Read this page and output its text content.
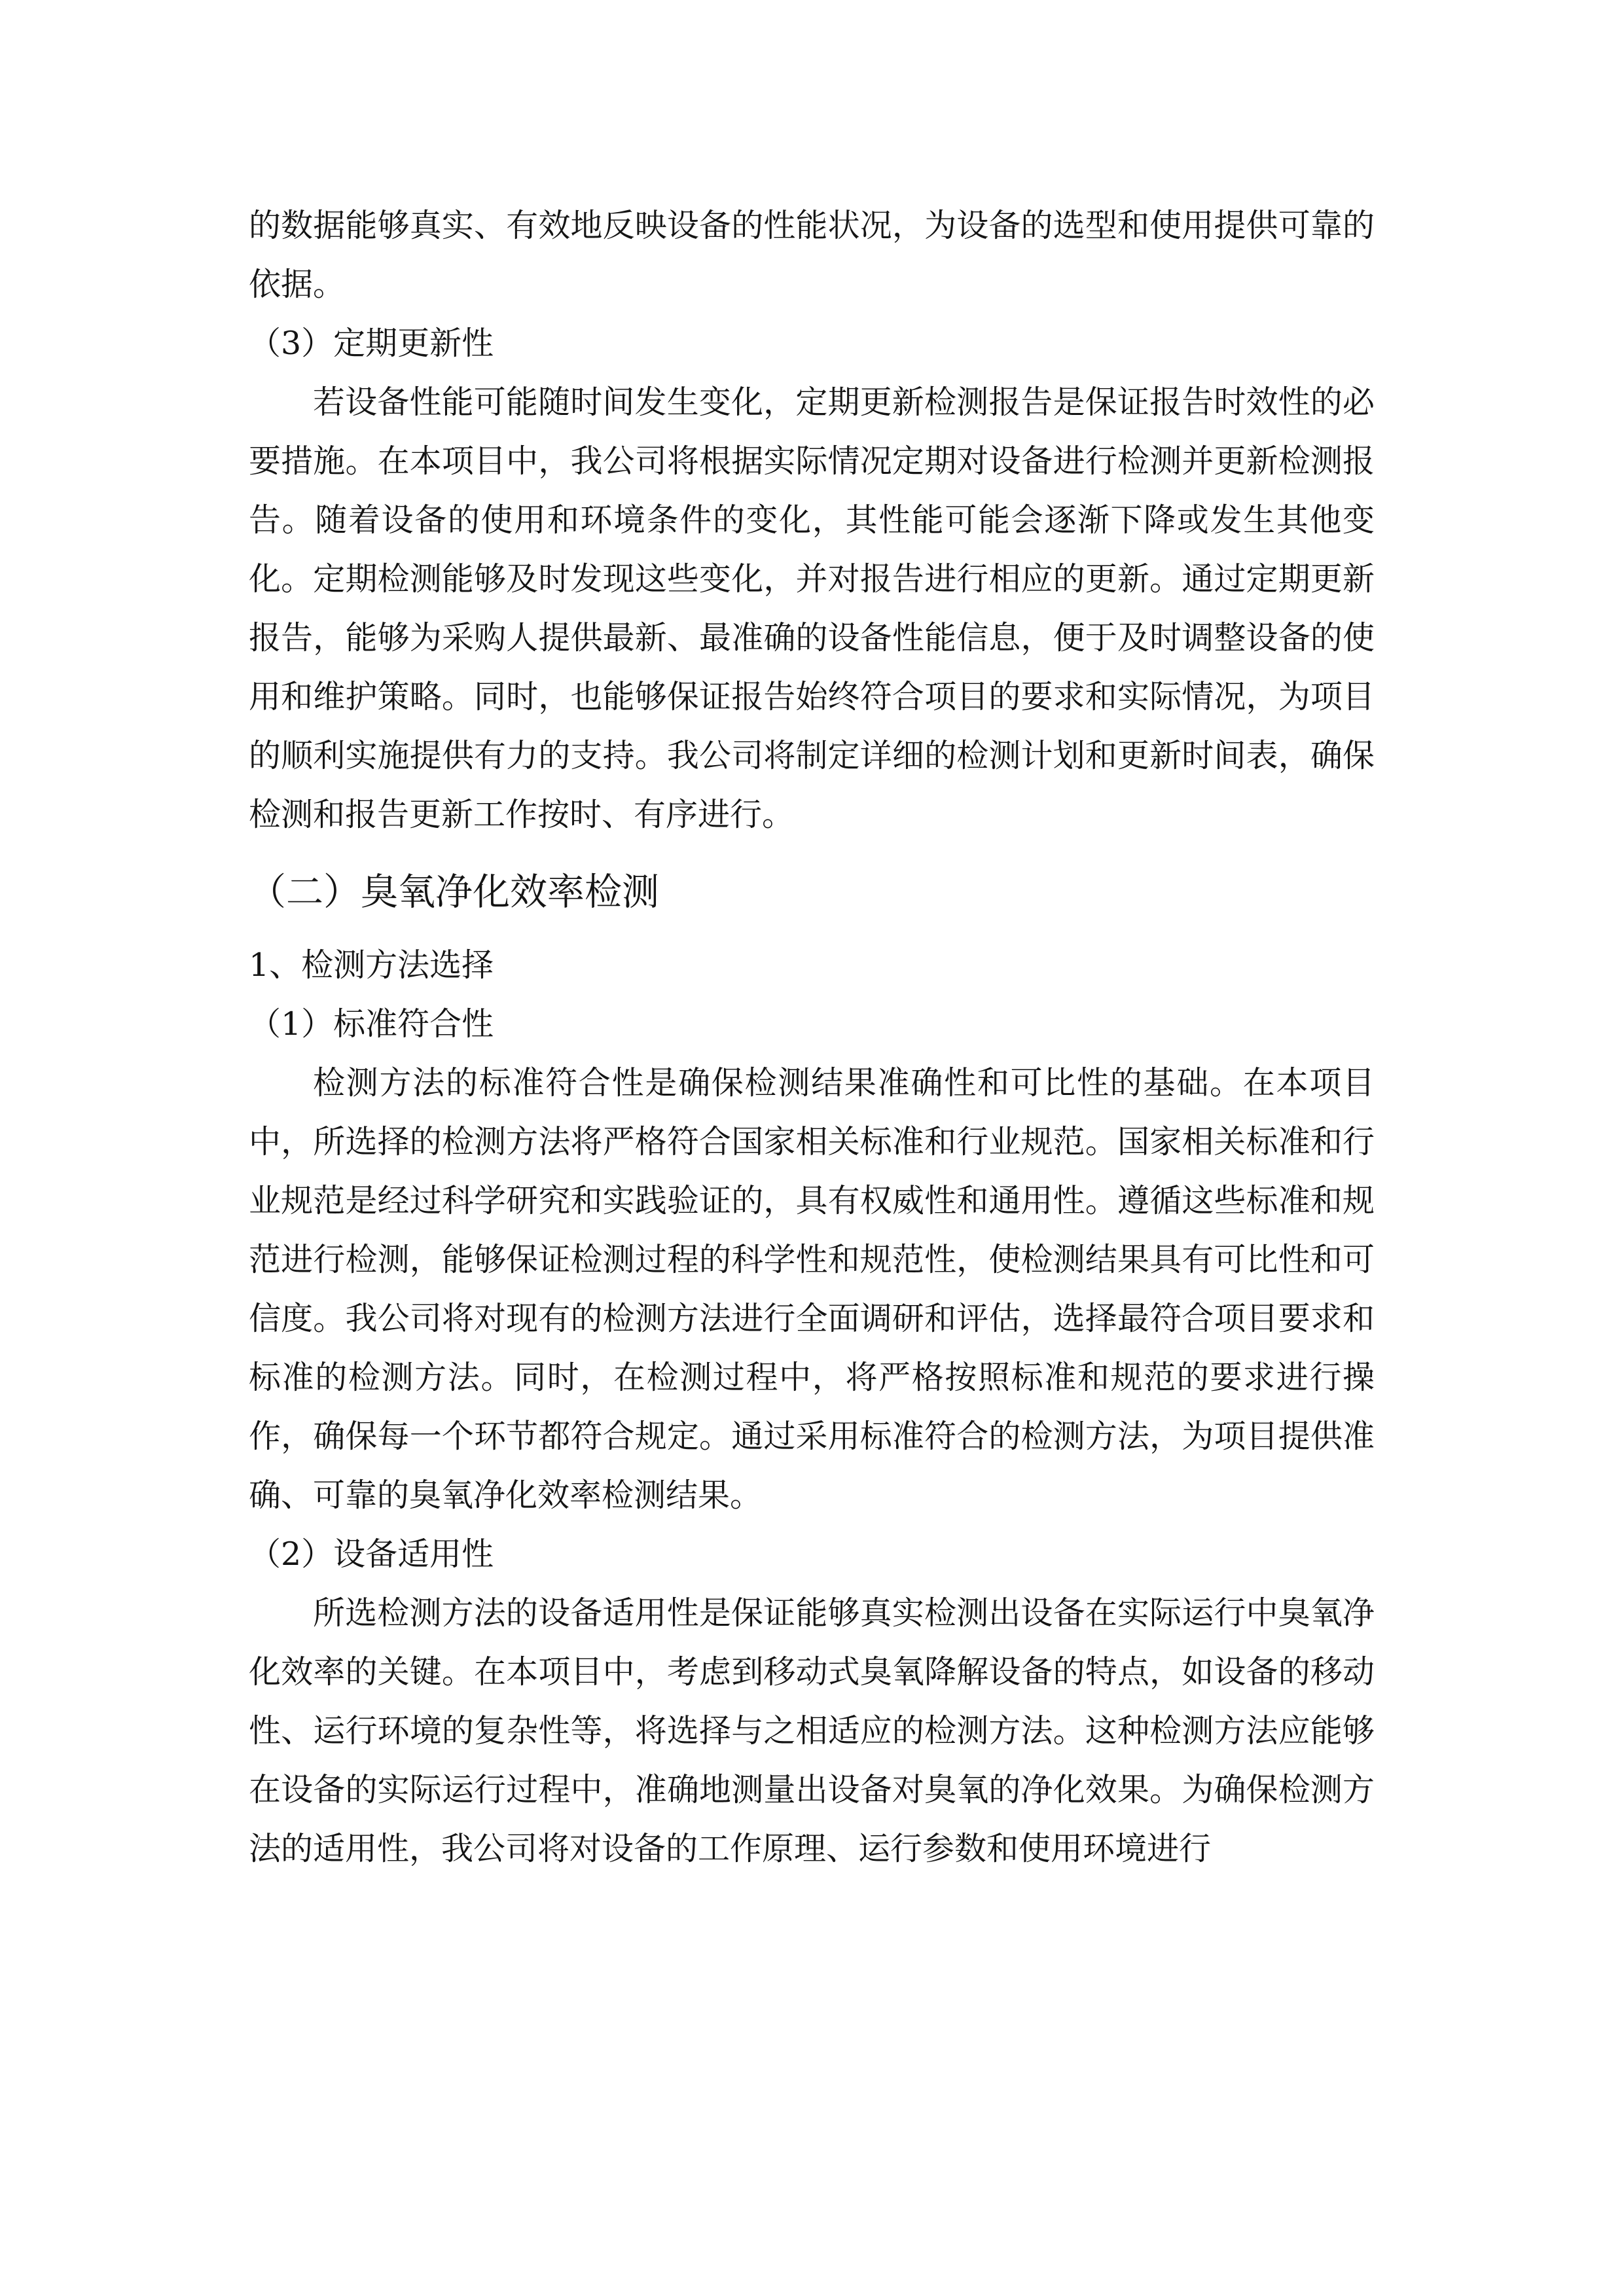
的数据能够真实、有效地反映设备的性能状况，为设备的选型和使用提供可靠的依据。

（3）定期更新性

若设备性能可能随时间发生变化，定期更新检测报告是保证报告时效性的必要措施。在本项目中，我公司将根据实际情况定期对设备进行检测并更新检测报告。随着设备的使用和环境条件的变化，其性能可能会逐渐下降或发生其他变化。定期检测能够及时发现这些变化，并对报告进行相应的更新。通过定期更新报告，能够为采购人提供最新、最准确的设备性能信息，便于及时调整设备的使用和维护策略。同时，也能够保证报告始终符合项目的要求和实际情况，为项目的顺利实施提供有力的支持。我公司将制定详细的检测计划和更新时间表，确保检测和报告更新工作按时、有序进行。

（二）臭氧净化效率检测

1、检测方法选择

（1）标准符合性

检测方法的标准符合性是确保检测结果准确性和可比性的基础。在本项目中，所选择的检测方法将严格符合国家相关标准和行业规范。国家相关标准和行业规范是经过科学研究和实践验证的，具有权威性和通用性。遵循这些标准和规范进行检测，能够保证检测过程的科学性和规范性，使检测结果具有可比性和可信度。我公司将对现有的检测方法进行全面调研和评估，选择最符合项目要求和标准的检测方法。同时，在检测过程中，将严格按照标准和规范的要求进行操作，确保每一个环节都符合规定。通过采用标准符合的检测方法，为项目提供准确、可靠的臭氧净化效率检测结果。

（2）设备适用性

所选检测方法的设备适用性是保证能够真实检测出设备在实际运行中臭氧净化效率的关键。在本项目中，考虑到移动式臭氧降解设备的特点，如设备的移动性、运行环境的复杂性等，将选择与之相适应的检测方法。这种检测方法应能够在设备的实际运行过程中，准确地测量出设备对臭氧的净化效果。为确保检测方法的适用性，我公司将对设备的工作原理、运行参数和使用环境进行
